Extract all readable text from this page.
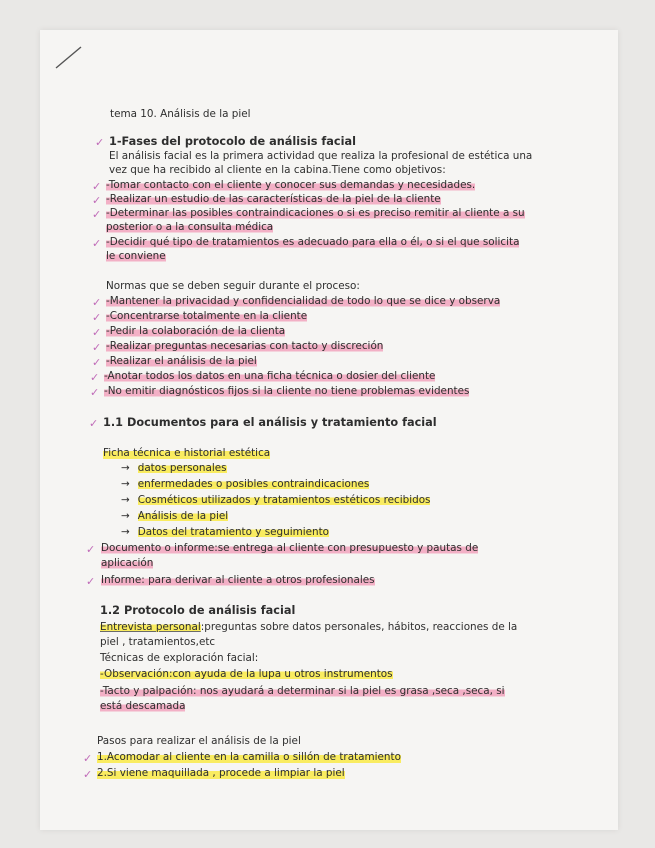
tema 10. Análisis de la piel
✓ 1-Fases del protocolo de análisis facial
El análisis facial es la primera actividad que realiza la profesional de estética una
vez que ha recibido al cliente en la cabina.Tiene como objetivos:
✓ -Tomar contacto con el cliente y conocer sus demandas y necesidades.
✓ -Realizar un estudio de las características de la piel de la cliente
✓ -Determinar las posibles contraindicaciones o si es preciso remitir al cliente a su
posterior o a la consulta médica
✓ -Decidir qué tipo de tratamientos es adecuado para ella o él, o si el que solicita
le conviene
Normas que se deben seguir durante el proceso:
✓ -Mantener la privacidad y confidencialidad de todo lo que se dice y observa
✓ -Concentrarse totalmente en la cliente
✓ -Pedir la colaboración de la clienta
✓ -Realizar preguntas necesarias con tacto y discreción
✓ -Realizar el análisis de la piel
✓ -Anotar todos los datos en una ficha técnica o dosier del cliente
✓ -No emitir diagnósticos fijos si la cliente no tiene problemas evidentes
✓ 1.1 Documentos para el análisis y tratamiento facial
Ficha técnica e historial estética
→ datos personales
→ enfermedades o posibles contraindicaciones
→ Cosméticos utilizados y tratamientos estéticos recibidos
→ Análisis de la piel
→ Datos del tratamiento y seguimiento
✓ Documento o informe:se entrega al cliente con presupuesto y pautas de
aplicación
✓ Informe: para derivar al cliente a otros profesionales
1.2 Protocolo de análisis facial
Entrevista personal:preguntas sobre datos personales, hábitos, reacciones de la
piel , tratamientos,etc
Técnicas de exploración facial:
-Observación:con ayuda de la lupa u otros instrumentos
-Tacto y palpación: nos ayudará a determinar si la piel es grasa ,seca ,seca, si
está descamada
Pasos para realizar el análisis de la piel
✓ 1.Acomodar al cliente en la camilla o sillón de tratamiento
✓ 2.Si viene maquillada , procede a limpiar la piel
